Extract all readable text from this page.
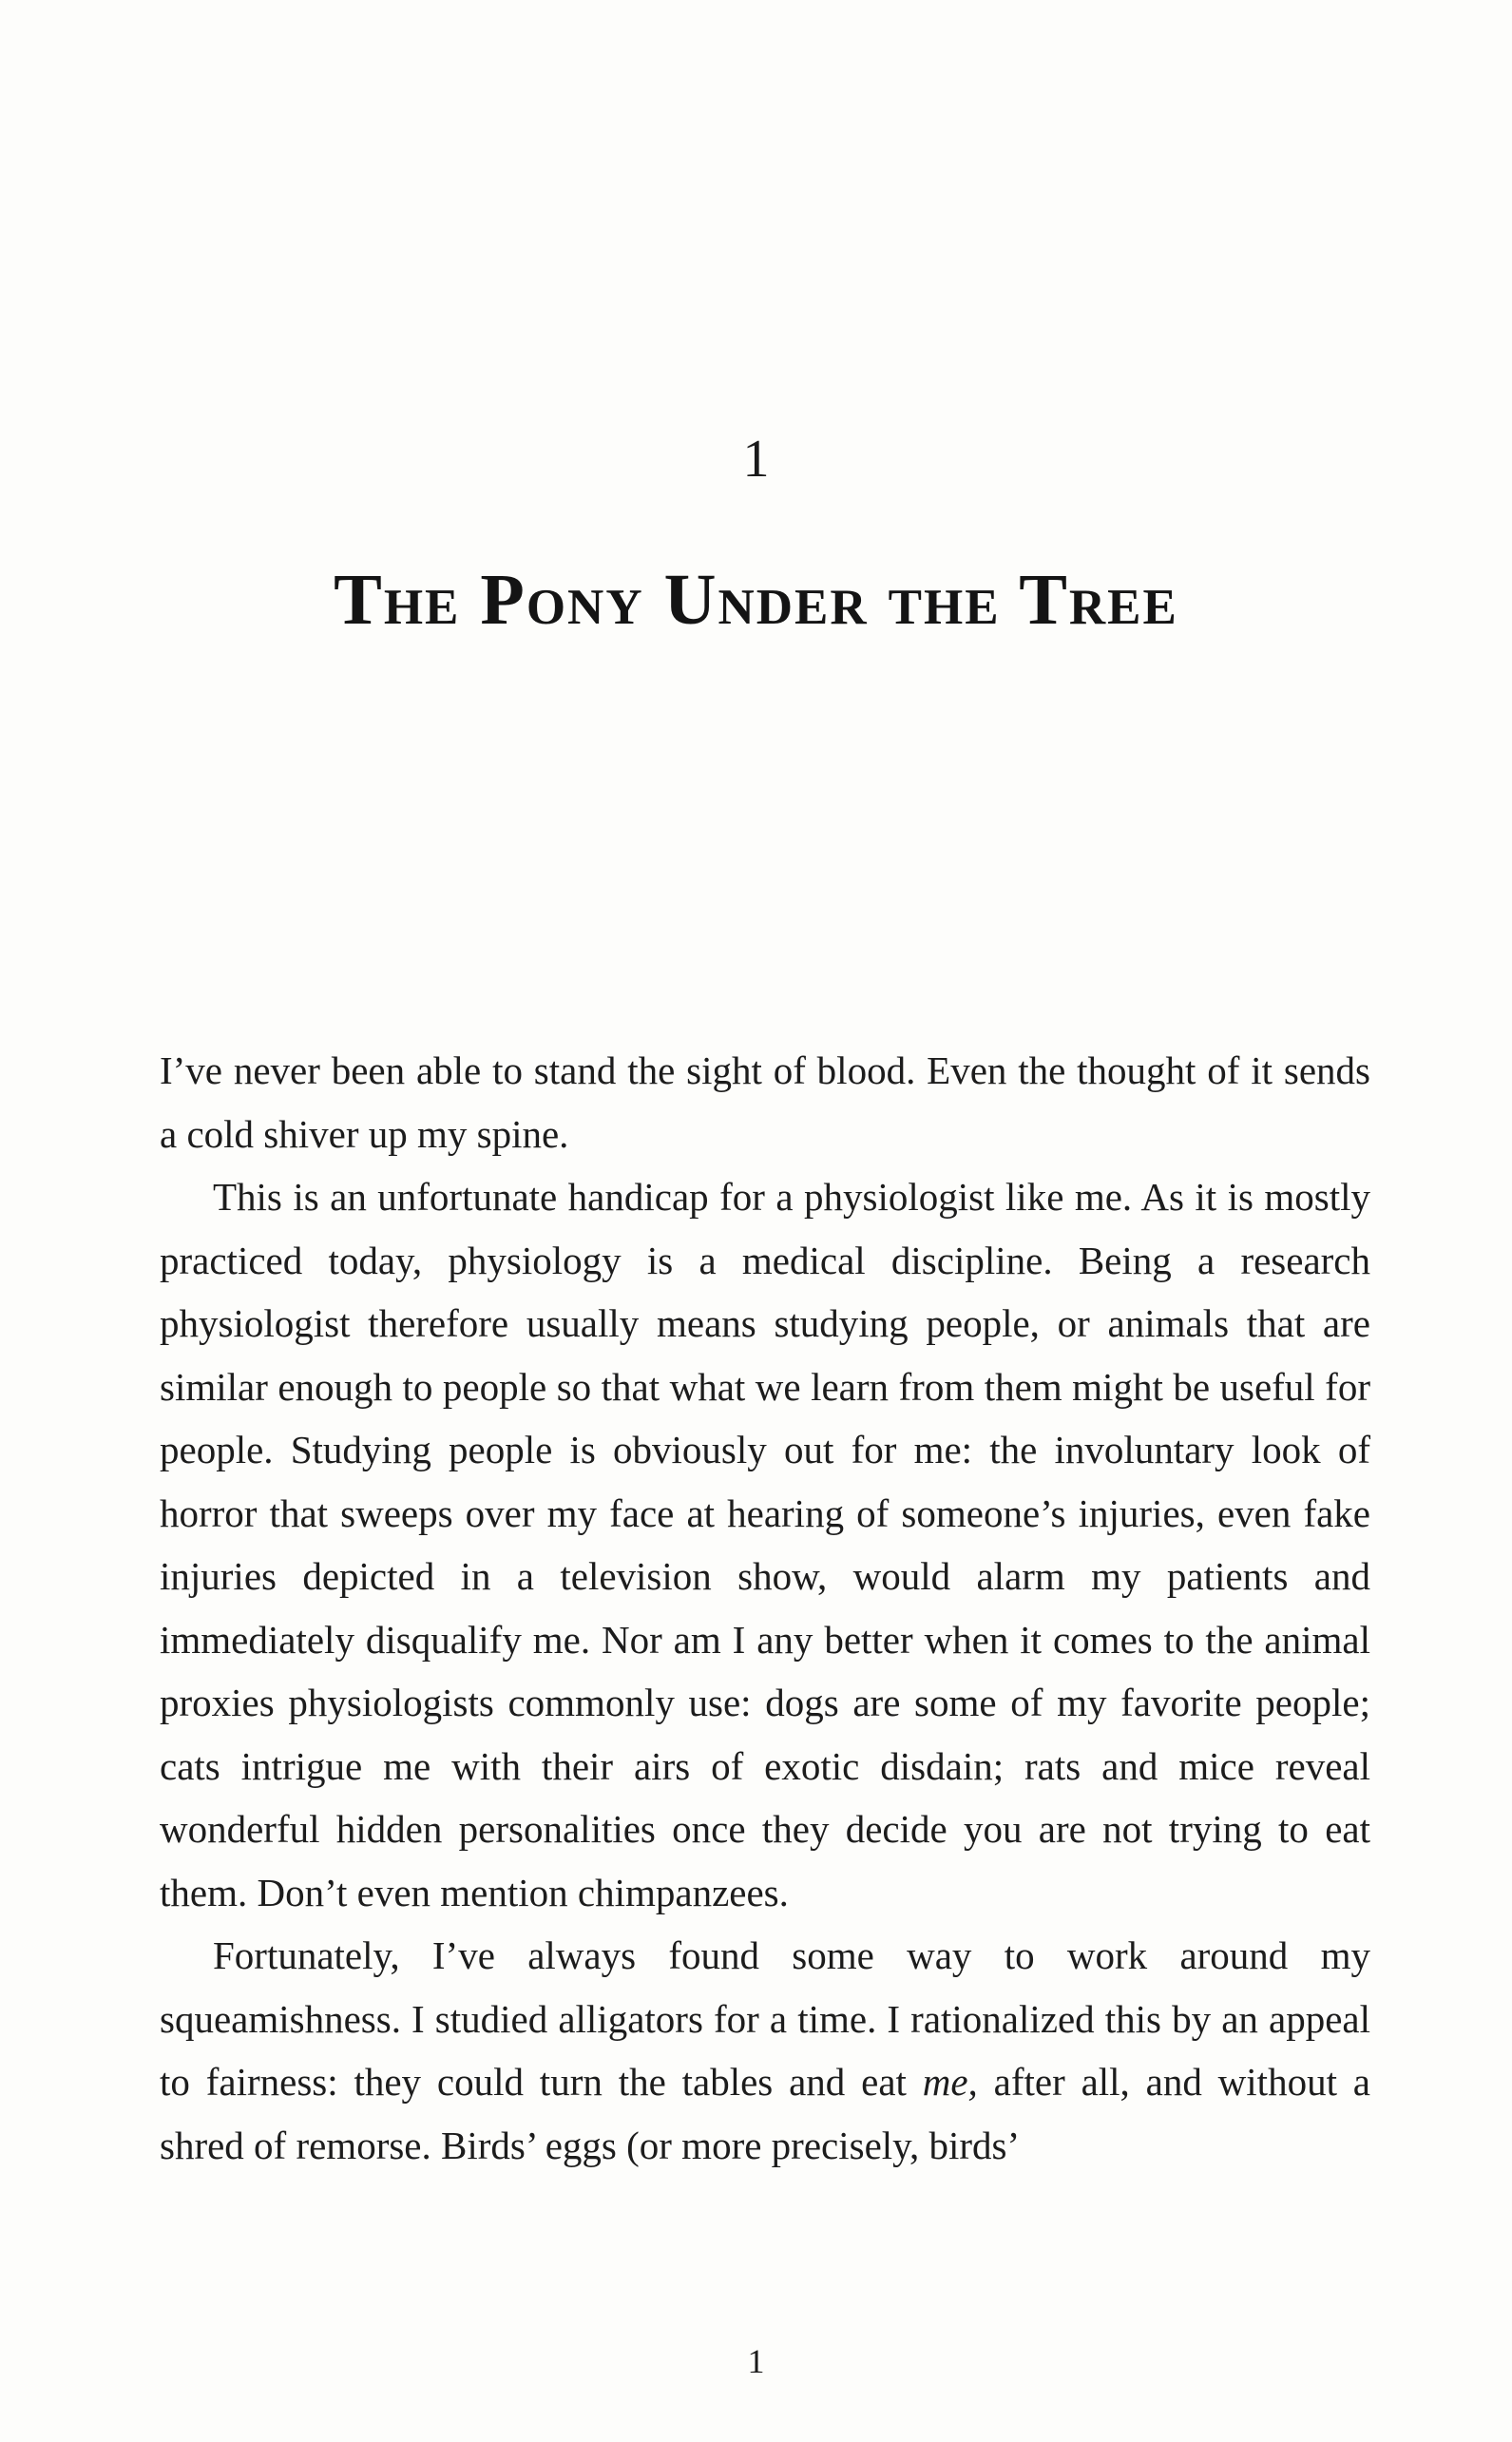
1
The Pony Under the Tree

I’ve never been able to stand the sight of blood. Even the thought of it sends a cold shiver up my spine.

This is an unfortunate handicap for a physiologist like me. As it is mostly practiced today, physiology is a medical discipline. Being a research physiologist therefore usually means studying people, or animals that are similar enough to people so that what we learn from them might be useful for people. Studying people is obviously out for me: the involuntary look of horror that sweeps over my face at hearing of someone’s injuries, even fake injuries depicted in a television show, would alarm my patients and immediately disqualify me. Nor am I any better when it comes to the animal proxies physiologists commonly use: dogs are some of my favorite people; cats intrigue me with their airs of exotic disdain; rats and mice reveal wonderful hidden personalities once they decide you are not trying to eat them. Don’t even mention chimpanzees.

Fortunately, I’ve always found some way to work around my squeamishness. I studied alligators for a time. I rationalized this by an appeal to fairness: they could turn the tables and eat me, after all, and without a shred of remorse. Birds’ eggs (or more precisely, birds’

1
